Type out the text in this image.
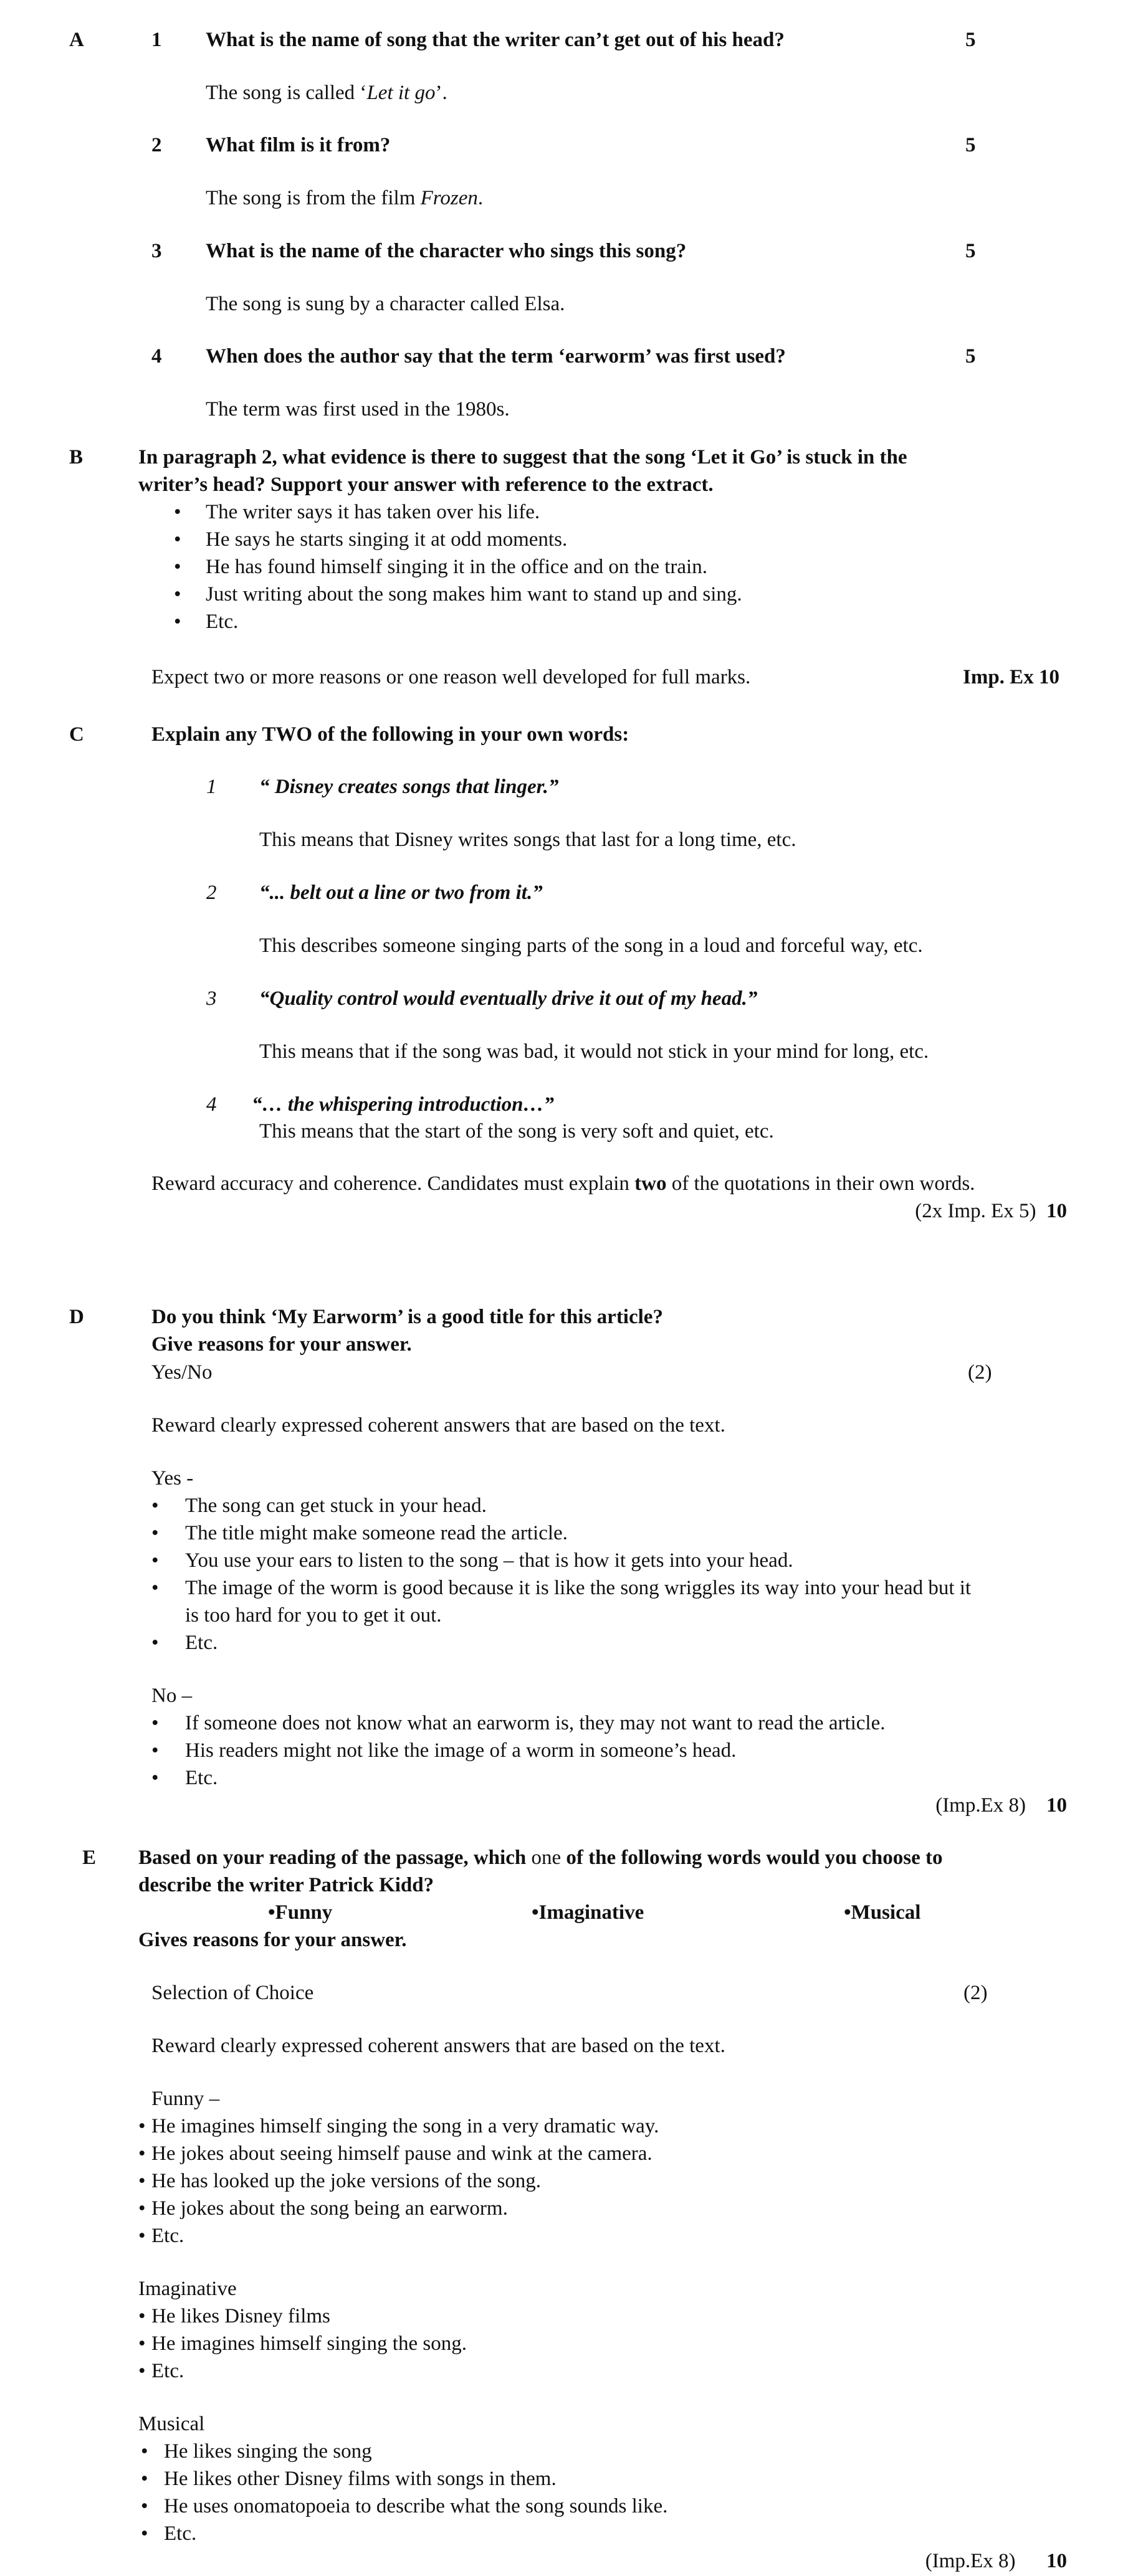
A	1 What is the name of song that the writer can’t get out of his head?	5
The song is called ‘Let it go’.
2 What film is it from?	5
The song is from the film Frozen.
3 What is the name of the character who sings this song?	5
The song is sung by a character called Elsa.
4 When does the author say that the term ‘earworm’ was first used?	5
The term was first used in the 1980s.
B	In paragraph 2, what evidence is there to suggest that the song ‘Let it Go’ is stuck in the
writer’s head? Support your answer with reference to the extract.
• The writer says it has taken over his life.
• He says he starts singing it at odd moments.
• He has found himself singing it in the office and on the train.
• Just writing about the song makes him want to stand up and sing.
• Etc.
Expect two or more reasons or one reason well developed for full marks.	Imp. Ex 10
C	Explain any TWO of the following in your own words:
1 “ Disney creates songs that linger.”
This means that Disney writes songs that last for a long time, etc.
2 “... belt out a line or two from it.”
This describes someone singing parts of the song in a loud and forceful way, etc.
3 “Quality control would eventually drive it out of my head.”
This means that if the song was bad, it would not stick in your mind for long, etc.
4 “… the whispering introduction…”
This means that the start of the song is very soft and quiet, etc.
Reward accuracy and coherence. Candidates must explain two of the quotations in their own words.
(2x Imp. Ex 5) 10
D	Do you think ‘My Earworm’ is a good title for this article?
Give reasons for your answer.
Yes/No	(2)
Reward clearly expressed coherent answers that are based on the text.
Yes -
• The song can get stuck in your head.
• The title might make someone read the article.
• You use your ears to listen to the song – that is how it gets into your head.
• The image of the worm is good because it is like the song wriggles its way into your head but it
is too hard for you to get it out.
• Etc.
No –
• If someone does not know what an earworm is, they may not want to read the article.
• His readers might not like the image of a worm in someone’s head.
• Etc.
(Imp.Ex 8) 10
E Based on your reading of the passage, which one of the following words would you choose to
describe the writer Patrick Kidd?
•Funny	•Imaginative	•Musical
Gives reasons for your answer.
Selection of Choice	(2)
Reward clearly expressed coherent answers that are based on the text.
Funny –
• He imagines himself singing the song in a very dramatic way.
• He jokes about seeing himself pause and wink at the camera.
• He has looked up the joke versions of the song.
• He jokes about the song being an earworm.
• Etc.
Imaginative
• He likes Disney films
• He imagines himself singing the song.
• Etc.
Musical
• He likes singing the song
• He likes other Disney films with songs in them.
• He uses onomatopoeia to describe what the song sounds like.
• Etc.
(Imp.Ex 8) 10
